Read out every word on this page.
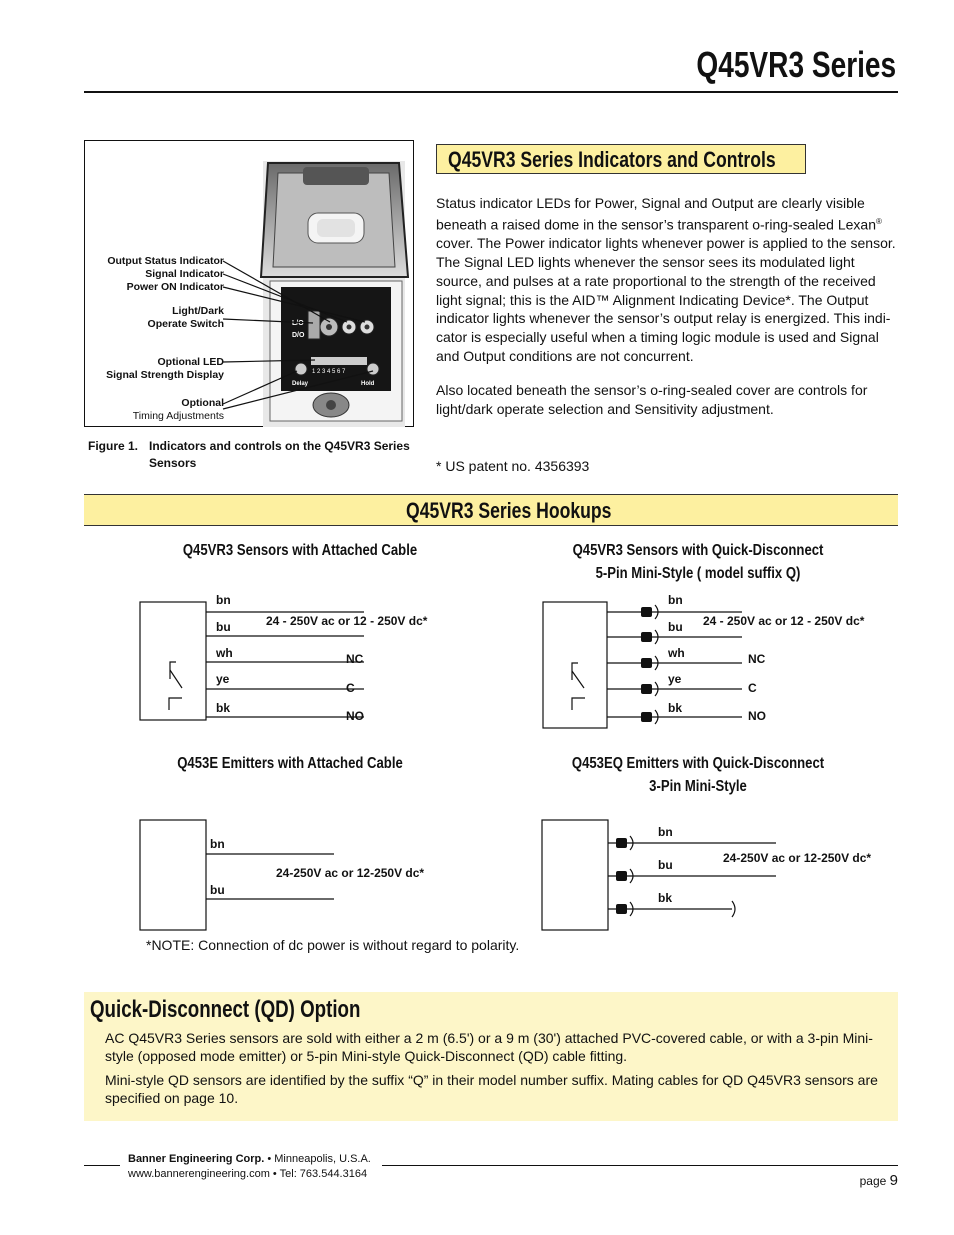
Q45VR3 Series
L/O
D/O
1 2 3 4 5 6 7
Delay	Hold
Output Status Indicator
Signal Indicator
Power ON Indicator
Light/Dark
Operate Switch
Optional LED
Signal Strength Display
Optional
Timing Adjustments
Figure 1. Indicators and controls on the Q45VR3 Series
Sensors
Q45VR3 Series Indicators and Controls
Status indicator LEDs for Power, Signal and Output are clearly visible beneath a raised dome in the sensor’s transparent o-ring-sealed Lexan® cover. The Power indicator lights whenever power is applied to the sensor. The Signal LED lights whenever the sensor sees its modulated light source, and pulses at a rate proportional to the strength of the received light signal; this is the AID™ Alignment Indicating Device*. The Output indicator lights whenever the sensor’s output relay is energized. This indi-cator is especially useful when a timing logic module is used and Signal and Output conditions are not concurrent.
Also located beneath the sensor’s o-ring-sealed cover are controls for light/dark operate selection and Sensitivity adjustment.
* US patent no. 4356393
Q45VR3 Series Hookups
Q45VR3 Sensors with Attached Cable
bn
bu
wh
ye
bk
24 - 250V ac or 12 - 250V dc*
NC
C
NO
Q45VR3 Sensors with Quick-Disconnect
5-Pin Mini-Style ( model suffix Q)
bn
bu
wh
ye
bk
24 - 250V ac or 12 - 250V dc*
NC
C
NO
Q453E Emitters with Attached Cable
bn
bu
24-250V ac or 12-250V dc*
Q453EQ Emitters with Quick-Disconnect
3-Pin Mini-Style
bn
bu
bk
24-250V ac or 12-250V dc*
*NOTE: Connection of dc power is without regard to polarity.
Quick-Disconnect (QD) Option
AC Q45VR3 Series sensors are sold with either a 2 m (6.5') or a 9 m (30') attached PVC-covered cable, or with a 3-pin Mini-style (opposed mode emitter) or 5-pin Mini-style Quick-Disconnect (QD) cable fitting.
Mini-style QD sensors are identified by the suffix “Q” in their model number suffix. Mating cables for QD Q45VR3 sensors are specified on page 10.
Banner Engineering Corp. • Minneapolis, U.S.A.
www.bannerengineering.com • Tel: 763.544.3164	page 9
